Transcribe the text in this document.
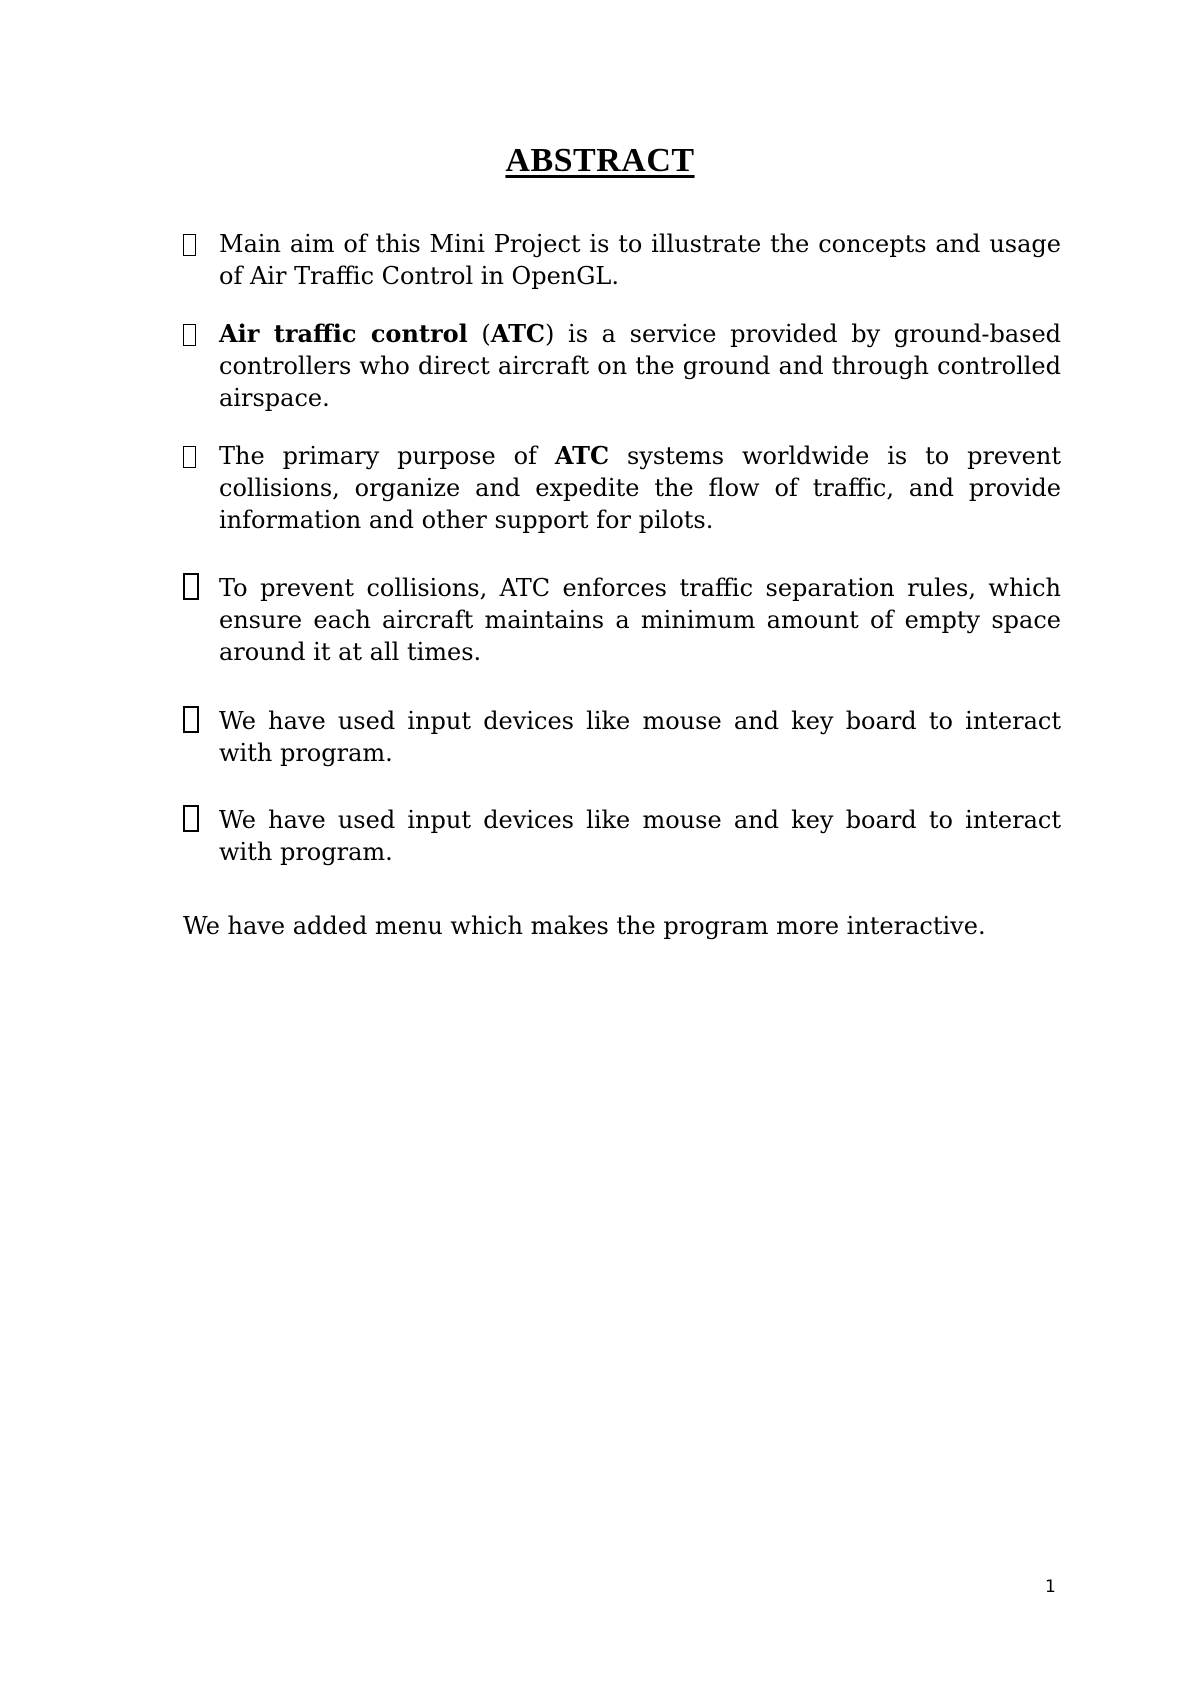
ABSTRACT
Main aim of this Mini Project is to illustrate the concepts and usage of Air Traffic Control in OpenGL.
Air traffic control (ATC) is a service provided by ground-based controllers who direct aircraft on the ground and through controlled airspace.
The primary purpose of ATC systems worldwide is to prevent collisions, organize and expedite the flow of traffic, and provide information and other support for pilots.
To prevent collisions, ATC enforces traffic separation rules, which ensure each aircraft maintains a minimum amount of empty space around it at all times.
We have used input devices like mouse and key board to interact with program.
We have used input devices like mouse and key board to interact with program.
We have added menu which makes the program more interactive.
1
